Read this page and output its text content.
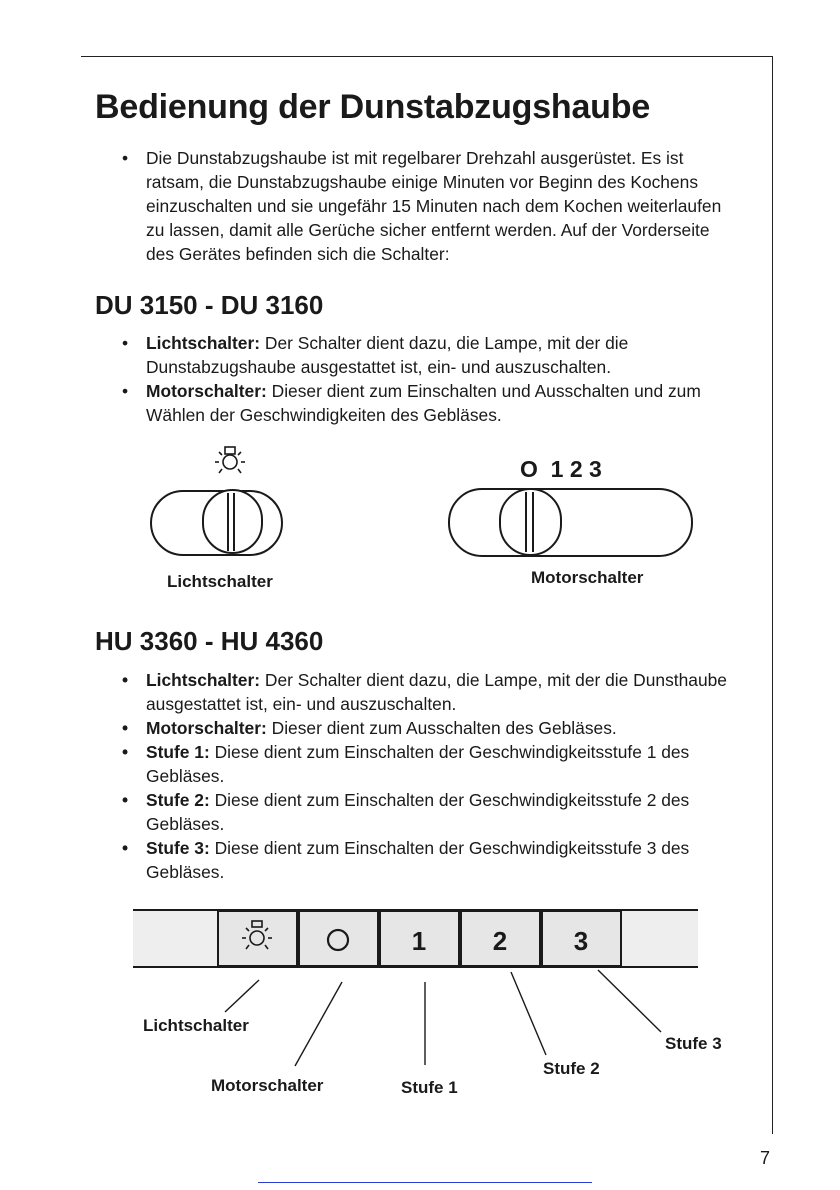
Bedienung der Dunstabzugshaube
• Die Dunstabzugshaube ist mit regelbarer Drehzahl ausgerüstet. Es ist ratsam, die Dunstabzugshaube einige Minuten vor Beginn des Kochens einzuschalten und sie ungefähr 15 Minuten nach dem Kochen weiterlaufen zu lassen, damit alle Gerüche sicher entfernt werden. Auf der Vorderseite des Gerätes befinden sich die Schalter:
DU 3150 - DU 3160
• Lichtschalter: Der Schalter dient dazu, die Lampe, mit der die Dunstabzugshaube ausgestattet ist, ein- und auszuschalten.
• Motorschalter: Dieser dient zum Einschalten und Ausschalten und zum Wählen der Geschwindigkeiten des Gebläses.
O  1 2 3
1	2	3
Lichtschalter	Motorschalter
HU 3360 - HU 4360
• Lichtschalter: Der Schalter dient dazu, die Lampe, mit der die Dunsthaube ausgestattet ist, ein- und auszuschalten.
• Motorschalter: Dieser dient zum Ausschalten des Gebläses.
• Stufe 1: Diese dient zum Einschalten der Geschwindigkeitsstufe 1 des Gebläses.
• Stufe 2: Diese dient zum Einschalten der Geschwindigkeitsstufe 2 des Gebläses.
• Stufe 3: Diese dient zum Einschalten der Geschwindigkeitsstufe 3 des Gebläses.
Lichtschalter
Motorschalter	Stufe 1
Stufe 2
Stufe 3
7
